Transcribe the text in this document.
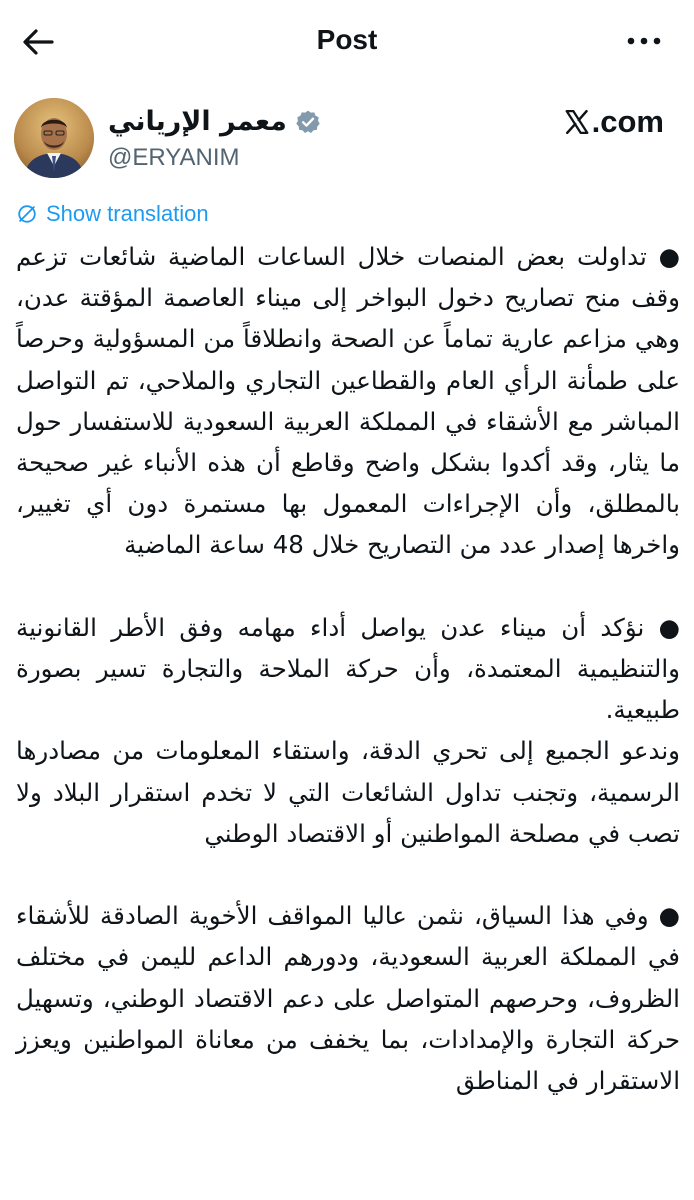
Post
معمر الإرياني
@ERYANIM
.com
Show translation

● تداولت بعض المنصات خلال الساعات الماضية شائعات تزعم وقف منح تصاريح دخول البواخر إلى ميناء العاصمة المؤقتة عدن، وهي مزاعم عارية تماماً عن الصحة وانطلاقاً من المسؤولية وحرصاً على طمأنة الرأي العام والقطاعين التجاري والملاحي، تم التواصل المباشر مع الأشقاء في المملكة العربية السعودية للاستفسار حول ما يثار، وقد أكدوا بشكل واضح وقاطع أن هذه الأنباء غير صحيحة بالمطلق، وأن الإجراءات المعمول بها مستمرة دون أي تغيير، واخرها إصدار عدد من التصاريح خلال 48 ساعة الماضية

● نؤكد أن ميناء عدن يواصل أداء مهامه وفق الأطر القانونية والتنظيمية المعتمدة، وأن حركة الملاحة والتجارة تسير بصورة طبيعية.
وندعو الجميع إلى تحري الدقة، واستقاء المعلومات من مصادرها الرسمية، وتجنب تداول الشائعات التي لا تخدم استقرار البلاد ولا تصب في مصلحة المواطنين أو الاقتصاد الوطني

● وفي هذا السياق، نثمن عاليا المواقف الأخوية الصادقة للأشقاء في المملكة العربية السعودية، ودورهم الداعم لليمن في مختلف الظروف، وحرصهم المتواصل على دعم الاقتصاد الوطني، وتسهيل حركة التجارة والإمدادات، بما يخفف من معاناة المواطنين ويعزز الاستقرار في المناطق
